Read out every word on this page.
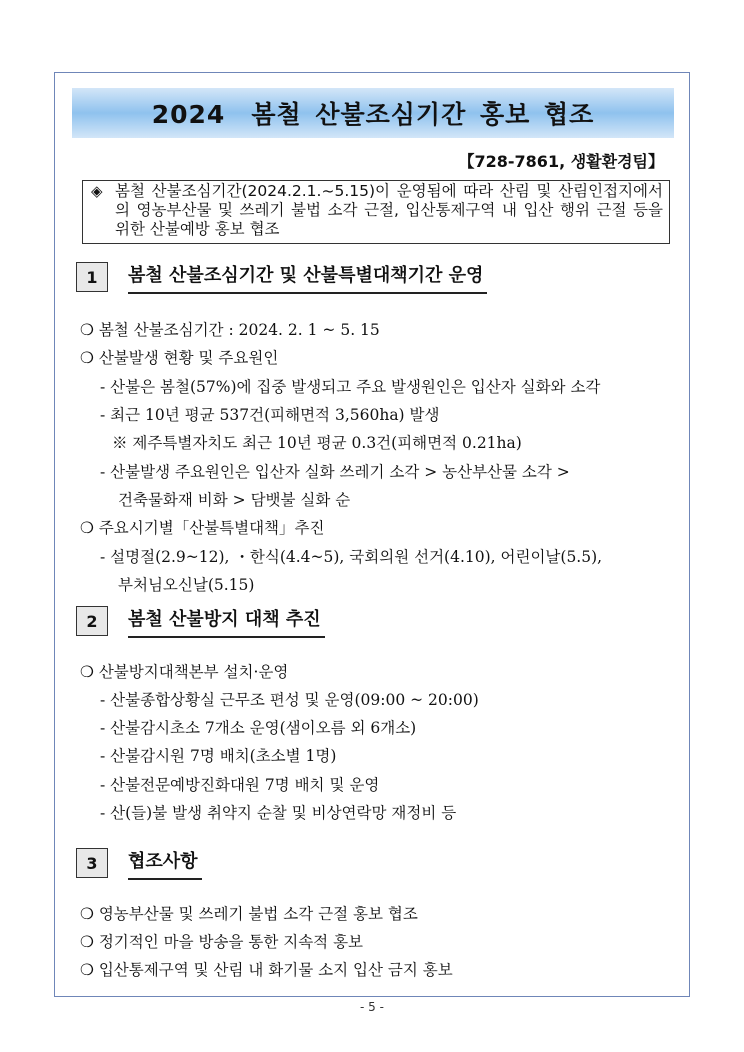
2024　봄철 산불조심기간 홍보 협조
【728-7861, 생활환경팀】
◈ 봄철 산불조심기간(2024.2.1.~5.15)이 운영됨에 따라 산림 및 산림인접지에서의 영농부산물 및 쓰레기 불법 소각 근절, 입산통제구역 내 입산 행위 근절 등을 위한 산불예방 홍보 협조
1	봄철 산불조심기간 및 산불특별대책기간 운영
❍ 봄철 산불조심기간 : 2024. 2. 1 ~ 5. 15
❍ 산불발생 현황 및 주요원인
- 산불은 봄철(57%)에 집중 발생되고 주요 발생원인은 입산자 실화와 소각
- 최근 10년 평균 537건(피해면적 3,560ha) 발생
※ 제주특별자치도 최근 10년 평균 0.3건(피해면적 0.21ha)
- 산불발생 주요원인은 입산자 실화 쓰레기 소각 > 농산부산물 소각 >
건축물화재 비화 > 담뱃불 실화 순
❍ 주요시기별「산불특별대책」추진
- 설명절(2.9~12), ・한식(4.4~5), 국회의원 선거(4.10), 어린이날(5.5),
부처님오신날(5.15)
2	봄철 산불방지 대책 추진
❍ 산불방지대책본부 설치·운영
- 산불종합상황실 근무조 편성 및 운영(09:00 ~ 20:00)
- 산불감시초소 7개소 운영(샘이오름 외 6개소)
- 산불감시원 7명 배치(초소별 1명)
- 산불전문예방진화대원 7명 배치 및 운영
- 산(들)불 발생 취약지 순찰 및 비상연락망 재정비 등
3	협조사항
❍ 영농부산물 및 쓰레기 불법 소각 근절 홍보 협조
❍ 정기적인 마을 방송을 통한 지속적 홍보
❍ 입산통제구역 및 산림 내 화기물 소지 입산 금지 홍보
- 5 -
